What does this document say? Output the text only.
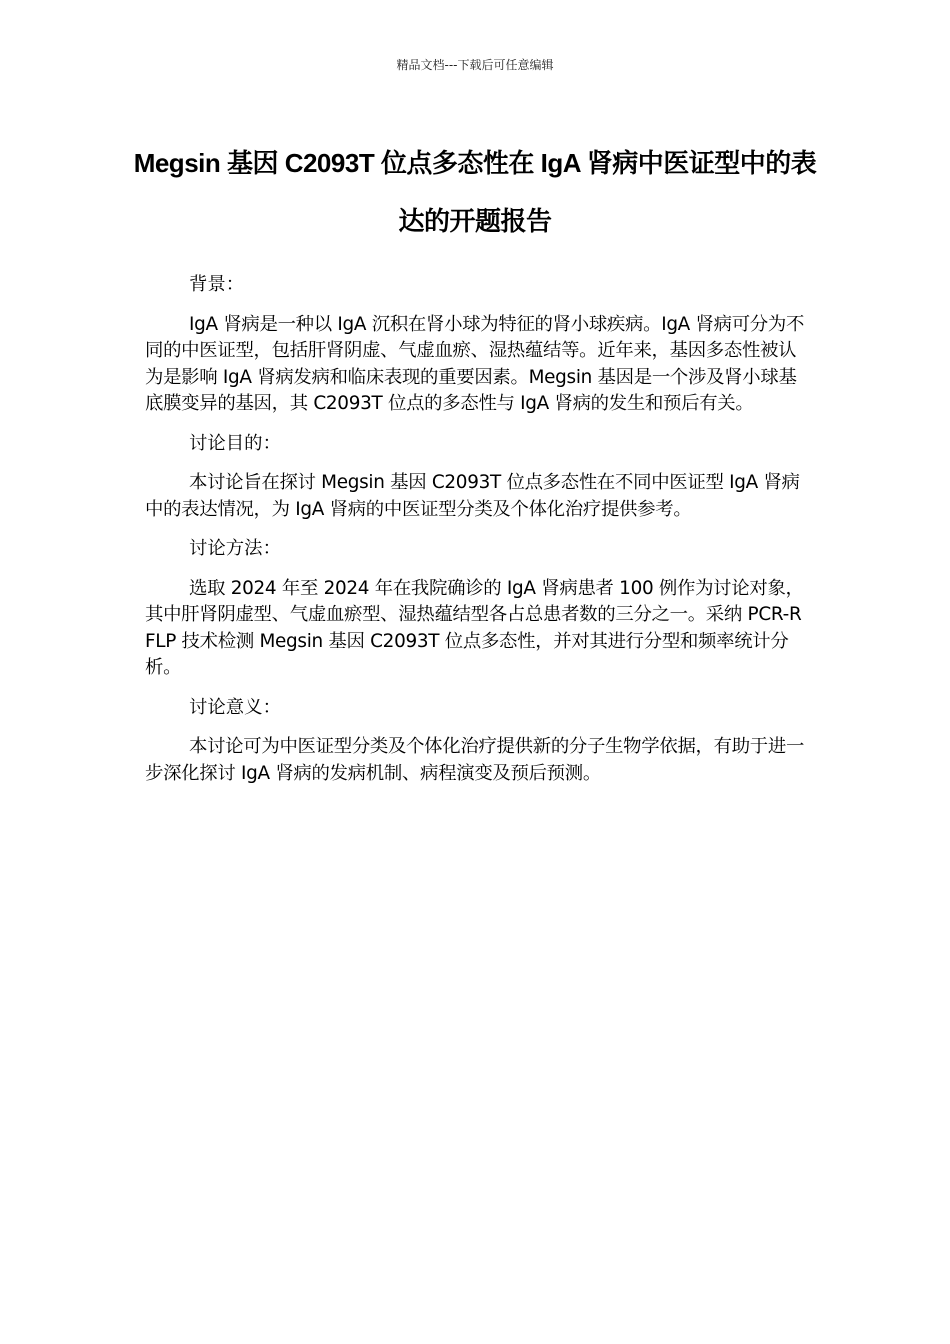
精品文档---下载后可任意编辑
Megsin 基因 C2093T 位点多态性在 IgA 肾病中医证型中的表达的开题报告

背景：

IgA 肾病是一种以 IgA 沉积在肾小球为特征的肾小球疾病。IgA 肾病可分为不同的中医证型，包括肝肾阴虚、气虚血瘀、湿热蕴结等。近年来，基因多态性被认为是影响 IgA 肾病发病和临床表现的重要因素。Megsin 基因是一个涉及肾小球基底膜变异的基因，其 C2093T 位点的多态性与 IgA 肾病的发生和预后有关。

讨论目的：

本讨论旨在探讨 Megsin 基因 C2093T 位点多态性在不同中医证型 IgA 肾病中的表达情况，为 IgA 肾病的中医证型分类及个体化治疗提供参考。

讨论方法：

选取 2024 年至 2024 年在我院确诊的 IgA 肾病患者 100 例作为讨论对象，其中肝肾阴虚型、气虚血瘀型、湿热蕴结型各占总患者数的三分之一。采纳 PCR-RFLP 技术检测 Megsin 基因 C2093T 位点多态性，并对其进行分型和频率统计分析。

讨论意义：

本讨论可为中医证型分类及个体化治疗提供新的分子生物学依据，有助于进一步深化探讨 IgA 肾病的发病机制、病程演变及预后预测。
